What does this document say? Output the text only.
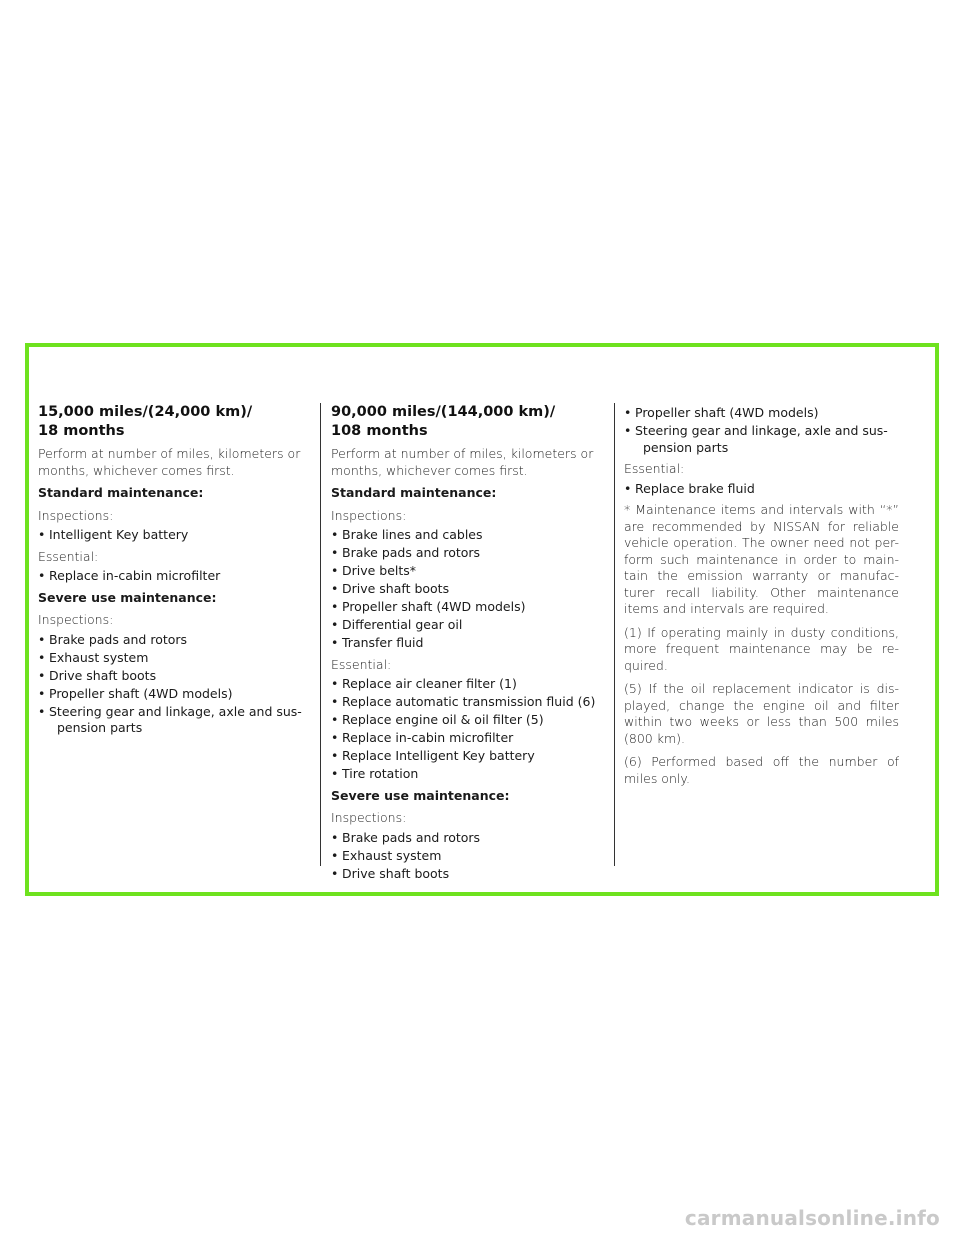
15,000 miles/(24,000 km)/
18 months

Perform at number of miles, kilometers or months, whichever comes first.

Standard maintenance:

Inspections:

• Intelligent Key battery

Essential:

• Replace in-cabin microfilter

Severe use maintenance:

Inspections:

• Brake pads and rotors
• Exhaust system
• Drive shaft boots
• Propeller shaft (4WD models)
• Steering gear and linkage, axle and sus-
pension parts
90,000 miles/(144,000 km)/
108 months

Perform at number of miles, kilometers or months, whichever comes first.

Standard maintenance:

Inspections:

• Brake lines and cables
• Brake pads and rotors
• Drive belts*
• Drive shaft boots
• Propeller shaft (4WD models)
• Differential gear oil
• Transfer fluid

Essential:

• Replace air cleaner filter (1)
• Replace automatic transmission fluid (6)
• Replace engine oil & oil filter (5)
• Replace in-cabin microfilter
• Replace Intelligent Key battery
• Tire rotation

Severe use maintenance:

Inspections:

• Brake pads and rotors
• Exhaust system
• Drive shaft boots
• Propeller shaft (4WD models)
• Steering gear and linkage, axle and sus-
pension parts

Essential:

• Replace brake fluid

* Maintenance items and intervals with “*” are recommended by NISSAN for reliable vehicle operation. The owner need not per-form such maintenance in order to main-tain the emission warranty or manufac-turer recall liability. Other maintenance items and intervals are required.

(1) If operating mainly in dusty conditions, more frequent maintenance may be re-quired.

(5) If the oil replacement indicator is dis-played, change the engine oil and filter within two weeks or less than 500 miles (800 km).

(6) Performed based off the number of miles only.

carmanualsonline.info
